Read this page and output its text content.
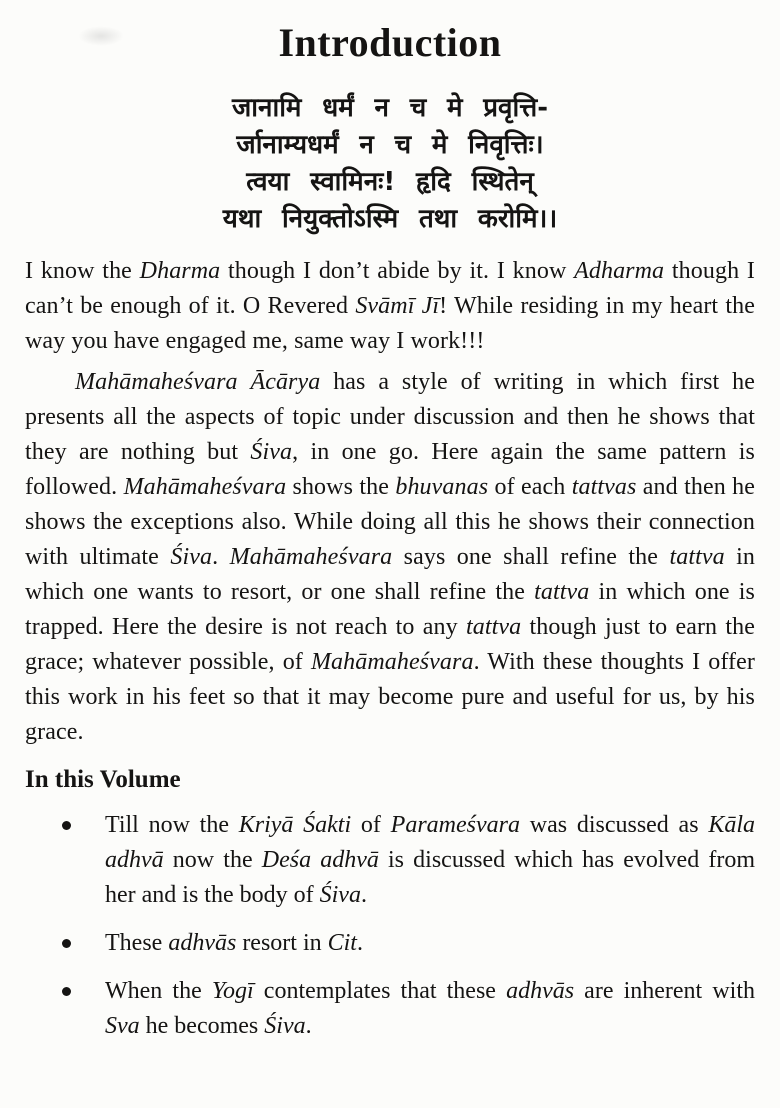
Introduction
जानामि धर्मं न च मे प्रवृत्ति-
र्जानाम्यधर्मं न च मे निवृत्तिः।
त्वया स्वामिनः! हृदि स्थितेन्
यथा नियुक्तोऽस्मि तथा करोमि।।

I know the Dharma though I don’t abide by it. I know Adharma though I can’t be enough of it. O Revered Svāmī Jī! While residing in my heart the way you have engaged me, same way I work!!!

Mahāmaheśvara Ācārya has a style of writing in which first he presents all the aspects of topic under discussion and then he shows that they are nothing but Śiva, in one go. Here again the same pattern is followed. Mahāmaheśvara shows the bhuvanas of each tattvas and then he shows the exceptions also. While doing all this he shows their connection with ultimate Śiva. Mahāmaheśvara says one shall refine the tattva in which one wants to resort, or one shall refine the tattva in which one is trapped. Here the desire is not reach to any tattva though just to earn the grace; whatever possible, of Mahāmaheśvara. With these thoughts I offer this work in his feet so that it may become pure and useful for us, by his grace.

In this Volume
Till now the Kriyā Śakti of Parameśvara was discussed as Kāla adhvā now the Deśa adhvā is discussed which has evolved from her and is the body of Śiva.
These adhvās resort in Cit.
When the Yogī contemplates that these adhvās are inherent with Sva he becomes Śiva.
